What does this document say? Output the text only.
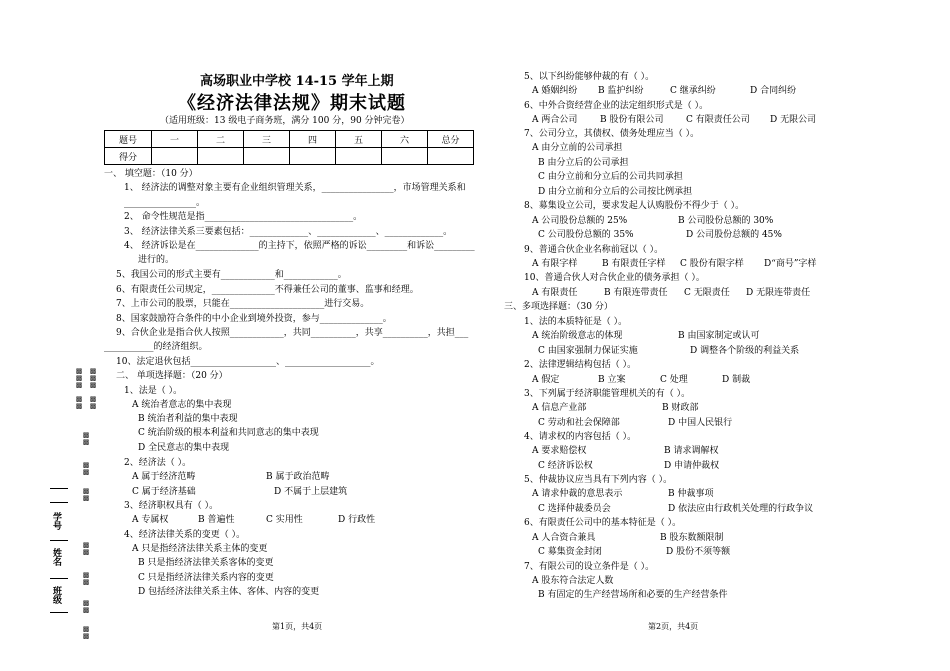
高场职业中学校 14-15 学年上期
《经济法律法规》期末试题
（适用班级：13 级电子商务班，满分 100 分，90 分钟完卷）
题号	一	二	三	四	五	六	总分
得分							
一、 填空题：（10 分）
1、 经济法的调整对象主要有企业组织管理关系，________________，市场管理关系和
________________。
2、 命令性规范是指_________________________________。
3、 经济法律关系三要素包括：_____________、_____________、_____________。
4、 经济诉讼是在______________的主持下，依照严格的诉讼_________和诉讼_________
进行的。
5、我国公司的形式主要有____________和____________。
6、有限责任公司规定，______________不得兼任公司的董事、监事和经理。
7、上市公司的股票，只能在_____________________进行交易。
8、国家鼓励符合条件的中小企业到境外投资，参与______________。
9、合伙企业是指合伙人按照____________，共同__________，共享__________，共担___
___________的经济组织。
10、法定退伙包括___________________、___________________。
二、 单项选择题：（20 分）
1、法是（ ）。
A 统治者意志的集中表现
B 统治者利益的集中表现
C 统治阶级的根本利益和共同意志的集中表现
D 全民意志的集中表现
2、经济法（ ）。
A 属于经济范畴	B 属于政治范畴
C 属于经济基础	D 不属于上层建筑
3、经济职权具有（ ）。
A 专属权	B 普遍性	C 实用性	D 行政性
4、经济法律关系的变更（ ）。
A 只是指经济法律关系主体的变更
B 只是指经济法律关系客体的变更
C 只是指经济法律关系内容的变更
D 包括经济法律关系主体、客体、内容的变更
▩
▩
▩
▩
▩
▩
▩
▩
▩
▩
▩
▩
▩
▩
▩
▩
▩
▩
▩
▩
▩
▩
▩
▩
学号
姓名
班级
5、以下纠纷能够仲裁的有（ ）。
A 婚姻纠纷 B 监护纠纷	C 继承纠纷	D 合同纠纷
6、中外合资经营企业的法定组织形式是（ ）。
A 两合公司	B 股份有限公司	C 有限责任公司 D 无限公司
7、公司分立，其债权、债务处理应当（ ）。
A 由分立前的公司承担
B 由分立后的公司承担
C 由分立前和分立后的公司共同承担
D 由分立前和分立后的公司按比例承担
8、募集设立公司，要求发起人认购股份不得少于（ ）。
A 公司股份总额的 25%	B 公司股份总额的 30%
C 公司股份总额的 35%	D 公司股份总额的 45%
9、普通合伙企业名称前冠以（ ）。
A 有限字样	B 有限责任字样 C 股份有限字样 D“商号”字样
10、普通合伙人对合伙企业的债务承担（ ）。
A 有限责任	B 有限连带责任 C 无限责任 D 无限连带责任
三、多项选择题：（30 分）
1、法的本质特征是（ ）。
A 统治阶级意志的体现	B 由国家制定或认可
C 由国家强制力保证实施	D 调整各个阶级的利益关系
2、法律逻辑结构包括（ ）。
A 假定	B 立案	C 处理	D 制裁
3、下列属于经济职能管理机关的有（ ）。
A 信息产业部	B 财政部
C 劳动和社会保障部	D 中国人民银行
4、请求权的内容包括（ ）。
A 要求赔偿权	B 请求调解权
C 经济诉讼权	D 申请仲裁权
5、仲裁协议应当具有下列内容（ ）。
A 请求仲裁的意思表示	B 仲裁事项
C 选择仲裁委员会	D 依法应由行政机关处理的行政争议
6、有限责任公司中的基本特征是（ ）。
A 人合资合兼具	B 股东数额限制
C 募集资金封闭	D 股份不须等额
7、有限公司的设立条件是（ ）。
A 股东符合法定人数
B 有固定的生产经营场所和必要的生产经营条件
第1页，共4页	第2页，共4页
